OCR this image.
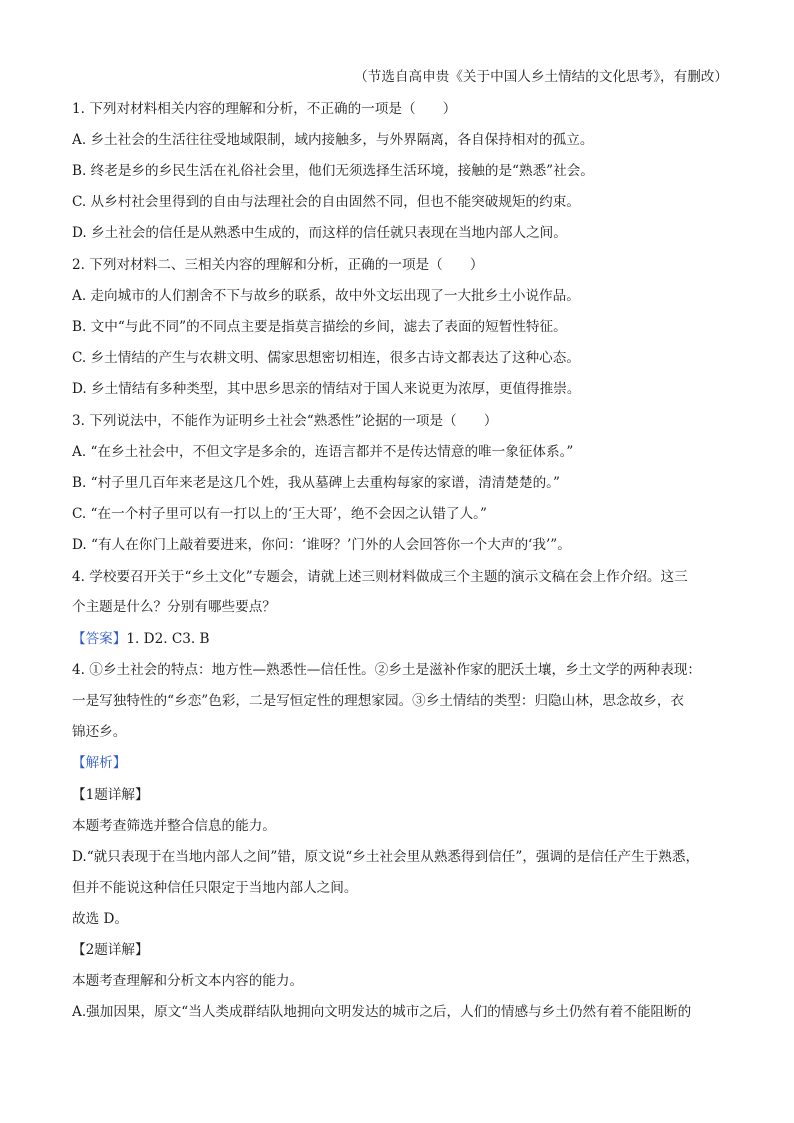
（节选自高申贵《关于中国人乡土情结的文化思考》，有删改）
1. 下列对材料相关内容的理解和分析，不正确的一项是（　　）
A. 乡土社会的生活往往受地域限制，域内接触多，与外界隔离，各自保持相对的孤立。
B. 终老是乡的乡民生活在礼俗社会里，他们无须选择生活环境，接触的是“熟悉”社会。
C. 从乡村社会里得到的自由与法理社会的自由固然不同，但也不能突破规矩的约束。
D. 乡土社会的信任是从熟悉中生成的，而这样的信任就只表现在当地内部人之间。
2. 下列对材料二、三相关内容的理解和分析，正确的一项是（　　）
A. 走向城市的人们割舍不下与故乡的联系，故中外文坛出现了一大批乡土小说作品。
B. 文中“与此不同”的不同点主要是指莫言描绘的乡间，滤去了表面的短暂性特征。
C. 乡土情结的产生与农耕文明、儒家思想密切相连，很多古诗文都表达了这种心态。
D. 乡土情结有多种类型，其中思乡思亲的情结对于国人来说更为浓厚，更值得推崇。
3. 下列说法中，不能作为证明乡土社会“熟悉性”论据的一项是（　　）
A. “在乡土社会中，不但文字是多余的，连语言都并不是传达情意的唯一象征体系。”
B. “村子里几百年来老是这几个姓，我从墓碑上去重构每家的家谱，清清楚楚的。”
C. “在一个村子里可以有一打以上的‘王大哥’，绝不会因之认错了人。”
D. “有人在你门上敲着要进来，你问：‘谁呀？’门外的人会回答你一个大声的‘我’”。
4. 学校要召开关于“乡土文化”专题会，请就上述三则材料做成三个主题的演示文稿在会上作介绍。这三
个主题是什么？分别有哪些要点？
【答案】1. D2. C3. B
4. ①乡土社会的特点：地方性—熟悉性—信任性。②乡土是滋补作家的肥沃土壤，乡土文学的两种表现：
一是写独特性的“乡恋”色彩，二是写恒定性的理想家园。③乡土情结的类型：归隐山林，思念故乡，衣
锦还乡。
【解析】
【1题详解】
本题考查筛选并整合信息的能力。
D.“就只表现于在当地内部人之间”错，原文说“乡土社会里从熟悉得到信任”，强调的是信任产生于熟悉，
但并不能说这种信任只限定于当地内部人之间。
故选 D。
【2题详解】
本题考查理解和分析文本内容的能力。
A.强加因果，原文“当人类成群结队地拥向文明发达的城市之后，人们的情感与乡土仍然有着不能阻断的
